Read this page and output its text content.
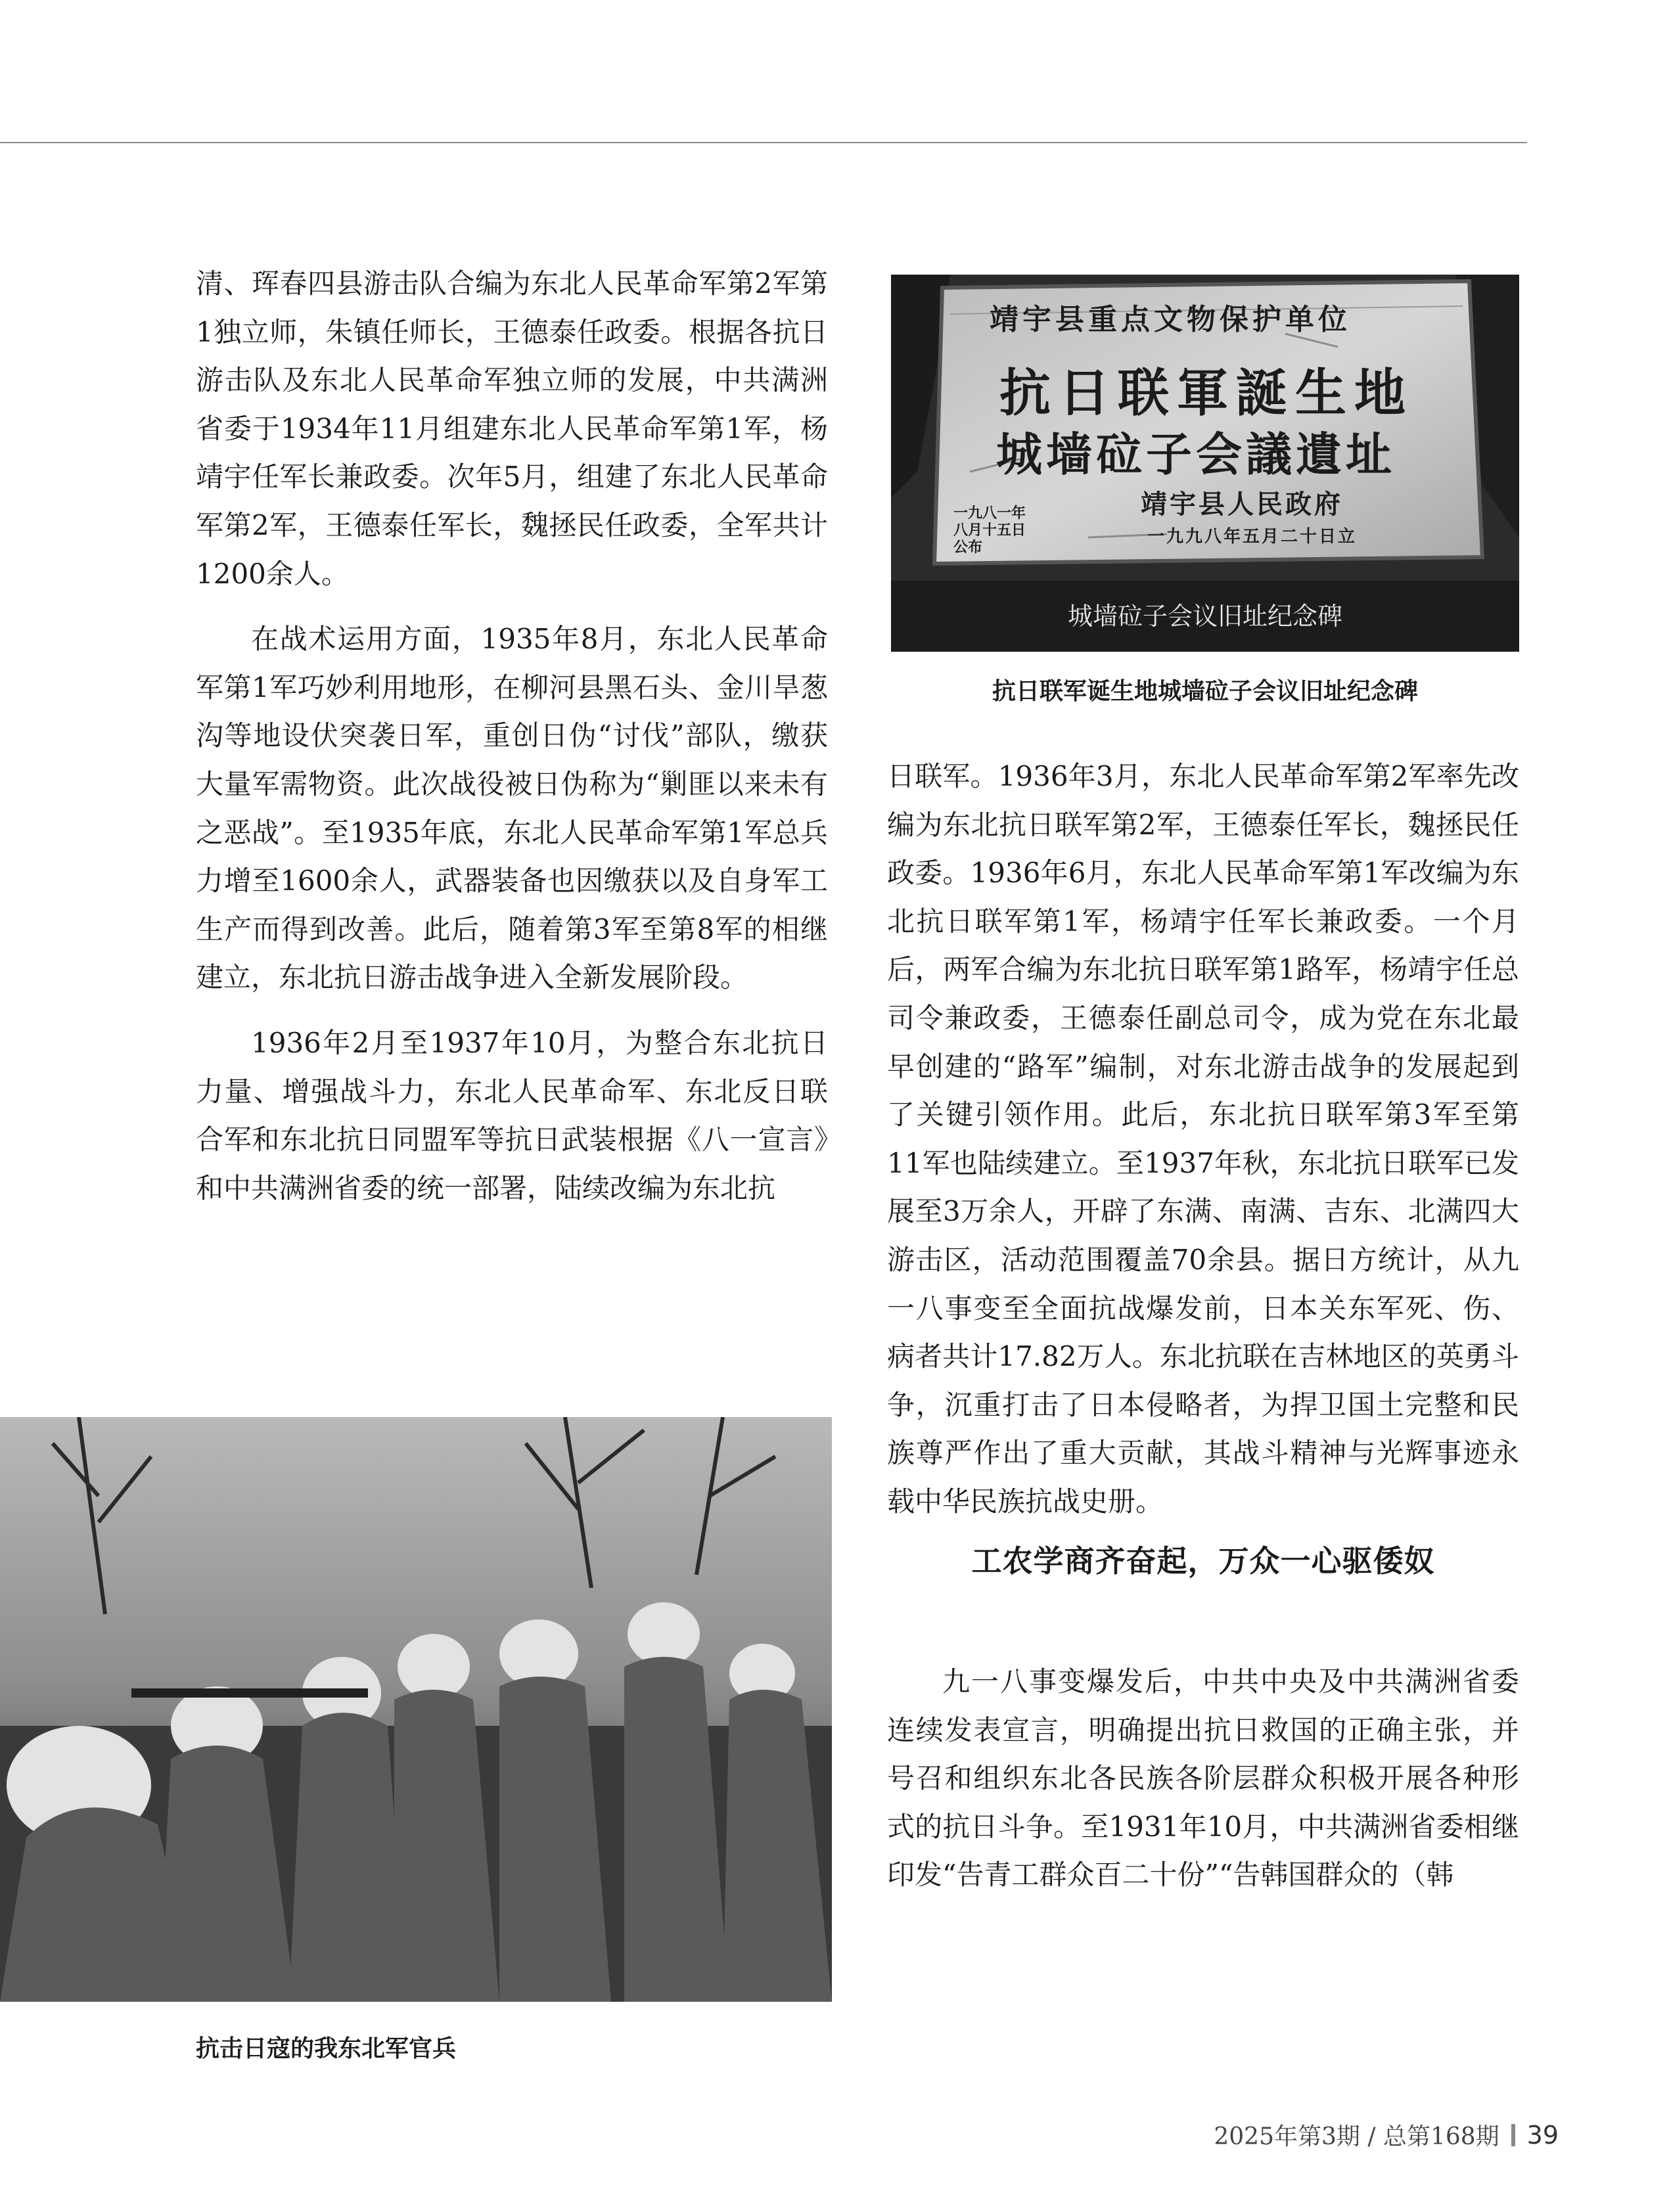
清、珲春四县游击队合编为东北人民革命军第2军第1独立师，朱镇任师长，王德泰任政委。根据各抗日游击队及东北人民革命军独立师的发展，中共满洲省委于1934年11月组建东北人民革命军第1军，杨靖宇任军长兼政委。次年5月，组建了东北人民革命军第2军，王德泰任军长，魏拯民任政委，全军共计1200余人。

在战术运用方面，1935年8月，东北人民革命军第1军巧妙利用地形，在柳河县黑石头、金川旱葱沟等地设伏突袭日军，重创日伪“讨伐”部队，缴获大量军需物资。此次战役被日伪称为“剿匪以来未有之恶战”。至1935年底，东北人民革命军第1军总兵力增至1600余人，武器装备也因缴获以及自身军工生产而得到改善。此后，随着第3军至第8军的相继建立，东北抗日游击战争进入全新发展阶段。

1936年2月至1937年10月，为整合东北抗日力量、增强战斗力，东北人民革命军、东北反日联合军和东北抗日同盟军等抗日武装根据《八一宣言》和中共满洲省委的统一部署，陆续改编为东北抗

靖宇县重点文物保护单位
抗日联軍誕生地
城墙砬子会議遺址
靖宇县人民政府
一九九八年五月二十日立
一九八一年八月十五日公布
城墙砬子会议旧址纪念碑
抗日联军诞生地城墙砬子会议旧址纪念碑

日联军。1936年3月，东北人民革命军第2军率先改编为东北抗日联军第2军，王德泰任军长，魏拯民任政委。1936年6月，东北人民革命军第1军改编为东北抗日联军第1军，杨靖宇任军长兼政委。一个月后，两军合编为东北抗日联军第1路军，杨靖宇任总司令兼政委，王德泰任副总司令，成为党在东北最早创建的“路军”编制，对东北游击战争的发展起到了关键引领作用。此后，东北抗日联军第3军至第11军也陆续建立。至1937年秋，东北抗日联军已发展至3万余人，开辟了东满、南满、吉东、北满四大游击区，活动范围覆盖70余县。据日方统计，从九一八事变至全面抗战爆发前，日本关东军死、伤、病者共计17.82万人。东北抗联在吉林地区的英勇斗争，沉重打击了日本侵略者，为捍卫国土完整和民族尊严作出了重大贡献，其战斗精神与光辉事迹永载中华民族抗战史册。

工农学商齐奋起，万众一心驱倭奴

九一八事变爆发后，中共中央及中共满洲省委连续发表宣言，明确提出抗日救国的正确主张，并号召和组织东北各民族各阶层群众积极开展各种形式的抗日斗争。至1931年10月，中共满洲省委相继印发“告青工群众百二十份”“告韩国群众的（韩

抗击日寇的我东北军官兵
2025年第3期 / 总第168期 39
